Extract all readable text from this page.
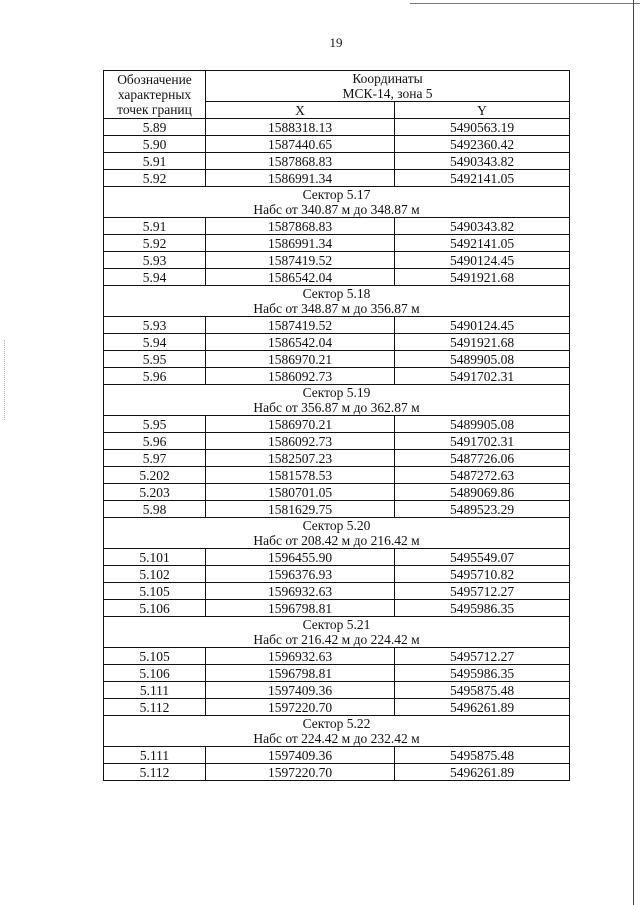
19
Обозначение характерных точек границ	Координаты
МСК-14, зона 5	
	X	Y
5.89	1588318.13	5490563.19
5.90	1587440.65	5492360.42
5.91	1587868.83	5490343.82
5.92	1586991.34	5492141.05
Сектор 5.17
Набс от 340.87 м до 348.87 м		
5.91	1587868.83	5490343.82
5.92	1586991.34	5492141.05
5.93	1587419.52	5490124.45
5.94	1586542.04	5491921.68
Сектор 5.18
Набс от 348.87 м до 356.87 м		
5.93	1587419.52	5490124.45
5.94	1586542.04	5491921.68
5.95	1586970.21	5489905.08
5.96	1586092.73	5491702.31
Сектор 5.19
Набс от 356.87 м до 362.87 м		
5.95	1586970.21	5489905.08
5.96	1586092.73	5491702.31
5.97	1582507.23	5487726.06
5.202	1581578.53	5487272.63
5.203	1580701.05	5489069.86
5.98	1581629.75	5489523.29
Сектор 5.20
Набс от 208.42 м до 216.42 м		
5.101	1596455.90	5495549.07
5.102	1596376.93	5495710.82
5.105	1596932.63	5495712.27
5.106	1596798.81	5495986.35
Сектор 5.21
Набс от 216.42 м до 224.42 м		
5.105	1596932.63	5495712.27
5.106	1596798.81	5495986.35
5.111	1597409.36	5495875.48
5.112	1597220.70	5496261.89
Сектор 5.22
Набс от 224.42 м до 232.42 м		
5.111	1597409.36	5495875.48
5.112	1597220.70	5496261.89
